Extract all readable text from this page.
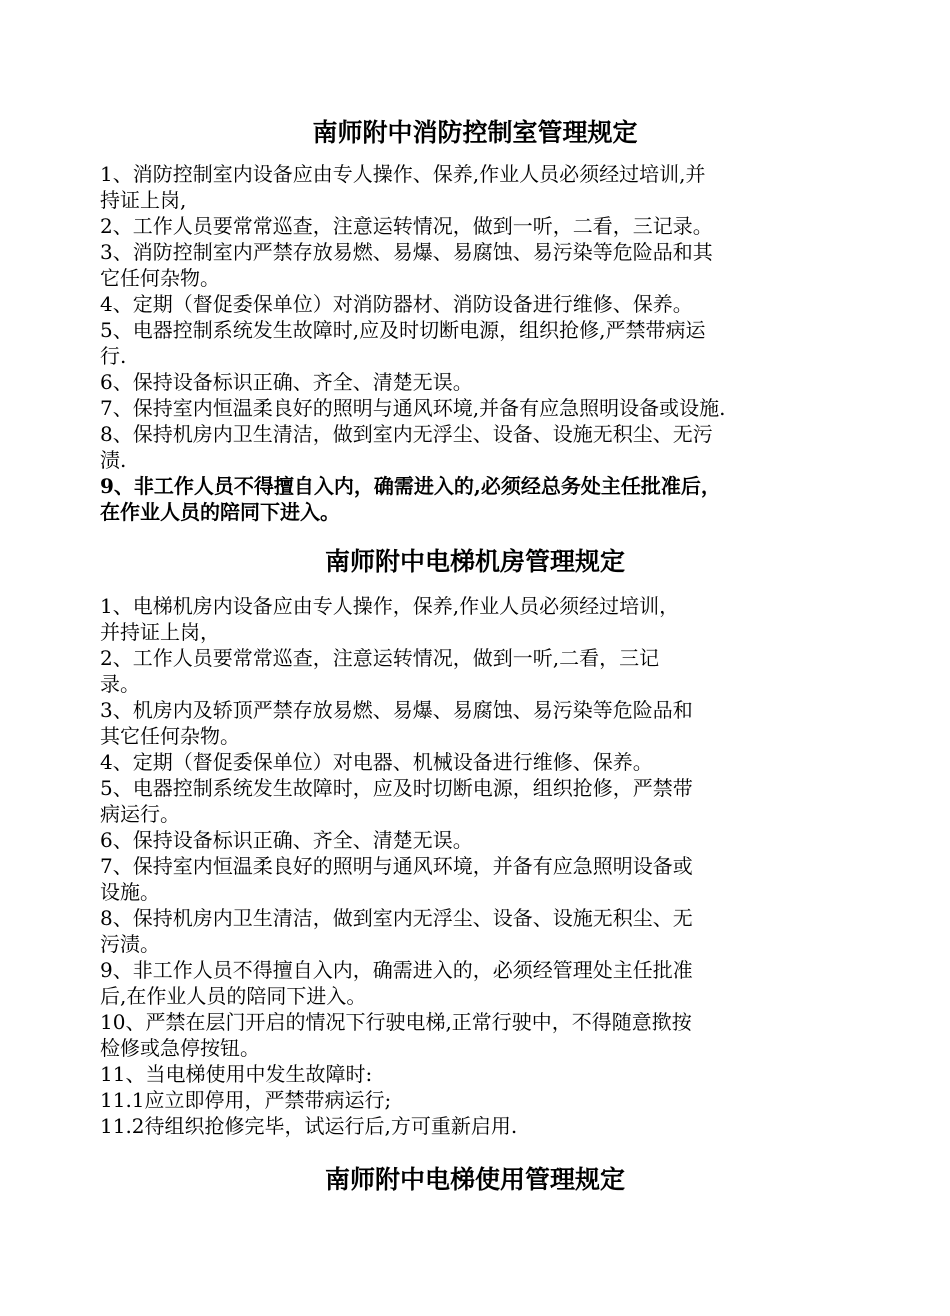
南师附中消防控制室管理规定

1、消防控制室内设备应由专人操作、保养,作业人员必须经过培训,并

持证上岗,

2、工作人员要常常巡查，注意运转情况，做到一听，二看，三记录。

3、消防控制室内严禁存放易燃、易爆、易腐蚀、易污染等危险品和其

它任何杂物。

4、定期（督促委保单位）对消防器材、消防设备进行维修、保养。

5、电器控制系统发生故障时,应及时切断电源，组织抢修,严禁带病运

行.

6、保持设备标识正确、齐全、清楚无误。

7、保持室内恒温柔良好的照明与通风环境,并备有应急照明设备或设施.

8、保持机房内卫生清洁，做到室内无浮尘、设备、设施无积尘、无污

渍.

9、非工作人员不得擅自入内，确需进入的,必须经总务处主任批准后，

在作业人员的陪同下进入。

南师附中电梯机房管理规定

1、电梯机房内设备应由专人操作，保养,作业人员必须经过培训，

并持证上岗，

2、工作人员要常常巡查，注意运转情况，做到一听,二看，三记

录。

3、机房内及轿顶严禁存放易燃、易爆、易腐蚀、易污染等危险品和

其它任何杂物。

4、定期（督促委保单位）对电器、机械设备进行维修、保养。

5、电器控制系统发生故障时，应及时切断电源，组织抢修，严禁带

病运行。

6、保持设备标识正确、齐全、清楚无误。

7、保持室内恒温柔良好的照明与通风环境，并备有应急照明设备或

设施。

8、保持机房内卫生清洁，做到室内无浮尘、设备、设施无积尘、无

污渍。

9、非工作人员不得擅自入内，确需进入的，必须经管理处主任批准

后,在作业人员的陪同下进入。

10、严禁在层门开启的情况下行驶电梯,正常行驶中，不得随意揿按

检修或急停按钮。

11、当电梯使用中发生故障时:

11.1应立即停用，严禁带病运行;

11.2待组织抢修完毕，试运行后,方可重新启用.

南师附中电梯使用管理规定
